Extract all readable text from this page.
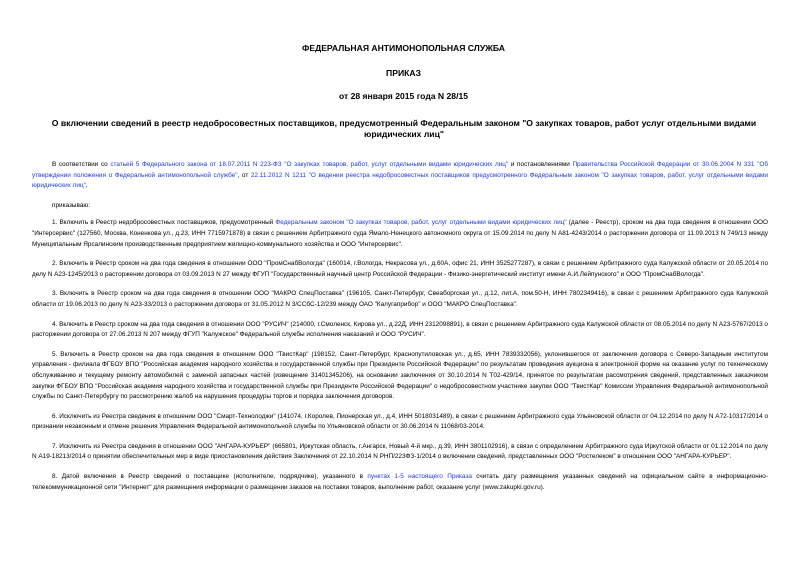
ФЕДЕРАЛЬНАЯ АНТИМОНОПОЛЬНАЯ СЛУЖБА
ПРИКАЗ
от 28 января 2015 года N 28/15
О включении сведений в реестр недобросовестных поставщиков, предусмотренный Федеральным законом "О закупках товаров, работ услуг отдельными видами юридических лиц"

В соответствии со статьей 5 Федерального закона от 18.07.2011 N 223-ФЗ "О закупках товаров, работ, услуг отдельными видами юридических лиц" и постановлениями Правительства Российской Федерации от 30.06.2004 N 331 "Об утверждении положения о Федеральной антимонопольной службе", от 22.11.2012 N 1211 "О ведении реестра недобросовестных поставщиков предусмотренного Федеральным законом "О закупках товаров, работ, услуг отдельными видами юридических лиц",

приказываю:

1. Включить в Реестр недобросовестных поставщиков, предусмотренный Федеральным законом "О закупках товаров, работ, услуг отдельными видами юридических лиц" (далее - Реестр), сроком на два года сведения в отношении ООО "Интерсервис" (127560, Москва, Коненкова ул., д.23, ИНН 7715971878) в связи с решением Арбитражного суда Ямало-Ненецкого автономного округа от 15.09.2014 по делу N А81-4243/2014 о расторжении договора от 11.09.2013 N 749/13 между Муниципальным Ярсалинским производственным предприятием жилищно-коммунального хозяйства и ООО "Интерсервис".

2. Включить в Реестр сроком на два года сведения в отношении ООО "ПромСнабВологда" (160014, г.Вологда, Некрасова ул., д.60А, офис 21, ИНН 3525277287), в связи с решением Арбитражного суда Калужской области от 20.05.2014 по делу N А23-1245/2013 о расторжении договора от 03.09.2013 N 27 между ФГУП "Государственный научный центр Российской Федерации - Физико-энергетический институт имени А.И.Лейпунского" и ООО "ПромСнабВологда".

3. Включить в Реестр сроком на два года сведения в отношении ООО "МАКРО СпецПоставка" (196105, Санкт-Петербург, Свеаборгская ул., д.12, лит.А, пом.50-Н, ИНН 7802349416), в связи с решением Арбитражного суда Калужской области от 19.06.2013 по делу N А23-33/2013 о расторжении договора от 31.05.2012 N 3/ССбС-12/239 между ОАО "Калугаприбор" и ООО "МАКРО СпецПоставка".

4. Включить в Реестр сроком на два года сведения в отношении ООО "РУСИЧ" (214000, г.Смоленск, Кирова ул., д.22Д, ИНН 2312098891), в связи с решением Арбитражного суда Калужской области от 08.05.2014 по делу N А23-5767/2013 о расторжении договора от 27.06.2013 N 207 между ФГУП "Калужское" Федеральной службы исполнения наказаний и ООО "РУСИЧ".

5. Включить в Реестр сроком на два года сведения в отношении ООО "ТвистКар" (198152, Санкт-Петербург, Краснопутиловская ул., д.65, ИНН 7839332056), уклонившегося от заключения договора с Северо-Западным институтом управления - филиала ФГБОУ ВПО "Российская академия народного хозяйства и государственной службы при Президенте Российской Федерации" по результатам проведения аукциона в электронной форме на оказание услуг по техническому обслуживанию и текущему ремонту автомобилей с заменой запасных частей (извещение 31401345206), на основании заключения от 30.10.2014 N Т02-429/14, принятое по результатам рассмотрения сведений, представленных заказчиком закупки ФГБОУ ВПО "Российская академия народного хозяйства и государственной службы при Президенте Российской Федерации" о недобросовестном участнике закупки ООО "ТвистКар" Комиссии Управления Федеральной антимонопольной службы по Санкт-Петербургу по рассмотрению жалоб на нарушения процедуры торгов и порядка заключения договоров.

6. Исключить из Реестра сведения в отношении ООО "Смарт-Технолоджи" (141074, г.Королев, Пионерская ул., д.4, ИНН 5018031489), в связи с решением Арбитражного суда Ульяновской области от 04.12.2014 по делу N А72-10317/2014 о признании незаконным и отмене решения Управления Федеральной антимонопольной службы по Ульяновской области от 30.06.2014 N 11068/03-2014.

7. Исключить из Реестра сведения в отношении ООО "АНГАРА-КУРЬЕР" (665801, Иркутская область, г.Ангарск, Новый 4-й мкр., д.39, ИНН 3801102916), в связи с определением Арбитражного суда Иркутской области от 01.12.2014 по делу N А19-18213/2014 о принятии обеспечительных мер в виде приостановления действия Заключения от 22.10.2014 N РНП/223ФЗ-1/2014 о включении сведений, представленных ООО "Ростелеком" в отношении ООО "АНГАРА-КУРЬЕР".

8. Датой включения в Реестр сведений о поставщике (исполнителе, подрядчике), указанного в пунктах 1-5 настоящего Приказа считать дату размещения указанных сведений на официальном сайте в информационно-телекоммуникационной сети "Интернет" для размещения информации о размещении заказов на поставки товаров, выполнение работ, оказание услуг (www.zakupki.gov.ru).
